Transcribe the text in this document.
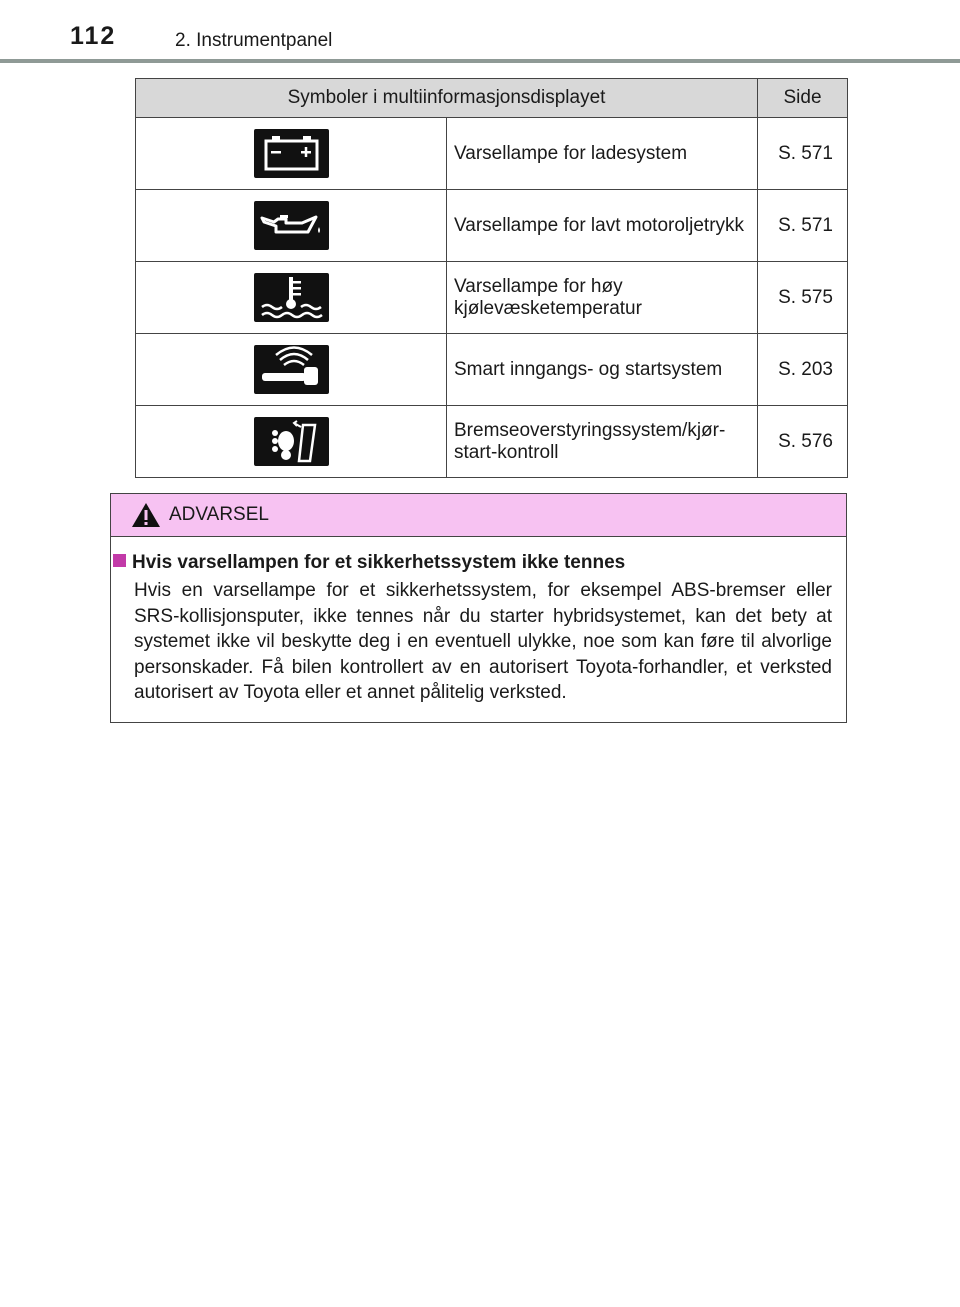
112	2. Instrumentpanel
Symboler i multiinformasjonsdisplayet		Side

	Varsellampe for ladesystem	S. 571

	Varsellampe for lavt motoroljetrykk	S. 571

	Varsellampe for høy kjølevæsketemperatur	S. 575

	Smart inngangs- og startsystem	S. 203

	Bremseoverstyringssystem/kjør-start-kontroll	S. 576
ADVARSEL
Hvis varsellampen for et sikkerhetssystem ikke tennes

Hvis en varsellampe for et sikkerhetssystem, for eksempel ABS-bremser eller SRS-kollisjonsputer, ikke tennes når du starter hybridsystemet, kan det bety at systemet ikke vil beskytte deg i en eventuell ulykke, noe som kan føre til alvorlige personskader. Få bilen kontrollert av en autorisert Toyota-forhandler, et verksted autorisert av Toyota eller et annet pålitelig verksted.
